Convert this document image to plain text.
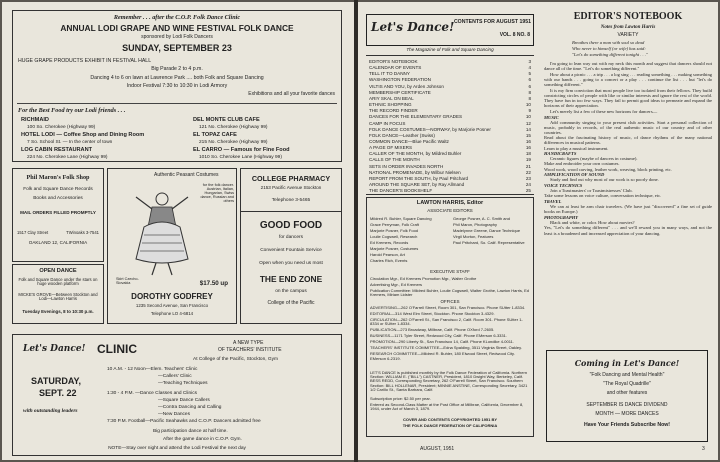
Remember . . . after the C.O.P. Folk Dance Clinic
ANNUAL LODI GRAPE AND WINE FESTIVAL FOLK DANCE
sponsored by Lodi Folk Dancers
SUNDAY, SEPTEMBER 23
HUGE GRAPE PRODUCTS EXHIBIT IN FESTIVAL HALL
Big Parade 2 to 4 p.m.
Dancing 4 to 6 on lawn at Lawrence Park .... both Folk and Square Dancing
Indoor Festival 7:30 to 10:30 in Lodi Armory
Exhibitions and all your favorite dances
For the Best Food try our Lodi friends . . .
RICHMAID
100 So. Cherokee (Highway 99)
HOTEL LODI — Coffee Shop and Dining Room
7 So. School St. — In the center of town
LOG CABIN RESTAURANT
224 No. Cherokee Lane (Highway 99)
DEL MONTE CLUB CAFE
121 No. Cherokee (Highway 99)
EL TOPAZ CAFE
215 No. Cherokee (Highway 99)
EL CARRO — Famous for Fine Food
1010 So. Cherokee Lane (Highway 99)
Phil Maron's Folk Shop
Folk and Square Dance Records
Books and Accessories
MAIL ORDERS FILLED PROMPTLY
1517 Clay Street	TWinoaks 3-7541
OAKLAND 12, CALIFORNIA
OPEN DANCE
Folk and Square Dance under the stars on huge wooden platform
MICKE'S GROVE—Between Stockton and Lodi—Lawton Harris
Tuesday Evenings, 8 to 10:30 p.m.
Authentic Peasant Costumes
for the folk dancer. Austrian, Italian, Hungarian, Swiss dance, Russian and others
Skirt Czecho-Slovakia	$17.50 up
DOROTHY GODFREY
1235 Second Avenue, San Francisco
Telephone LO 4-6814
COLLEGE PHARMACY
2153 Pacific Avenue Stockton
Telephone 3-5465
GOOD FOOD
for dancers
Convenient Fountain Service
Open when you need us most
THE END ZONE
on the campus
College of the Pacific
Let's Dance! CLINIC	A NEW TYPE
OF TEACHERS' INSTITUTE
At College of the Pacific, Stockton, Gym
SATURDAY,
SEPT. 22
with outstanding leaders
10 A.M. - 12 Noon—Elem. Teachers' Clinic
—Callers' Clinic
—Teaching Techniques
1:30 - 4 P.M. —Dance Classes and Clinics
—Square Dance Callers
—Contra Dancing and Calling
—New Dances
7:30 P.M. Football—Pacific Seahawks and C.O.P. Dancers admitted free
Big participation dance at half time.
After the game dance in C.O.P. Gym.
NOTE—Stay over night and attend the Lodi Festival the next day
Let's Dance! CONTENTS FOR AUGUST 1951
VOL. 8 NO. 8
The Magazine of Folk and Square Dancing
EDITOR'S NOTEBOOK	3
CALENDAR OF EVENTS	4
TELL IT TO DANNY	5
WASHINGTON FEDERATION	6
VILTIS AND YOU, by Arden Johnson	6
MEMBERSHIP CERTIFICATE	8
ARIY SKAL ON BEAL	8
ETHNIC SHOPPING	10
THE RECORD FINDER	9
DANCES FOR THE ELEMENTARY GRADES	10
CAMP IN FOCUS	12
FOLK DANCE COSTUMES—NORWAY, by Marjorie Posner	14
FOLK DANCE—Leather (Swiss)	15
COMMON DANCE—Blue Pacific Waltz	16
A PAGE OF MIXERS	16
CALLER OF THE MONTH, by Mildred Buhler	18
CALLS OF THE MONTH	19
SETS IN ORDER INVADES NORTH	21
NATIONAL PROMENADE, by Wilbur Nielsen	22
REPORT FROM THE SOUTH, by Paul Pritchard	23
AROUND THE SQUARE SET, by Ray Allmand	24
THE DANCER'S BOOKSHELF	25
LAWTON HARRIS, Editor
ASSOCIATE EDITORS
Mildred R. Buhler, Square Dancing
Grace Perryman, Folk Craft
Marjorie Posner, Folk Food
Loulie Cogswell, Research
Ed Kremers, Records
Marjorie Posner, Costumes
Harold Pearson, Art
Charles Rich, Events
George Posner, A. C. Smith and
Phil Maron, Photography
Madelynne Greene, Dance Technique
Virgil Morton, Features
Paul Pritchard, So. Calif. Representative
EXECUTIVE STAFF
Circulation Mgr., Ed Kremers Promotion Mgr., Walter Grothe
Advertising Mgr., Ed Kremers
Publication Committee: Mildred Buhler, Loulie Cogswell, Walter Grothe, Lawton Harris, Ed Kremers, Miriam Lidster
OFFICES
ADVERTISING—262 O'Farrell Street, Room 301, San Francisco. Phone SUtter 1-8334.
EDITORIAL—314 West Elm Street, Stockton. Phone Stockton 3-4329.
CIRCULATION—262 O'Farrell St., San Francisco 2, Calif. Room 301. Phone SUtter 1-8334 or SUtter 1-8334.
PUBLICATION—273 Broadway, Millbrae, Calif. Phone OXford 7-2605.
BUSINESS—1171 Tyler Street, Redwood City, Calif. Phone EMerson 6-3331.
PROMOTION—290 Liberty St., San Francisco 14, Calif. Phone KLondike 4-0011.
TEACHERS' INSTITUTE COMMITTEE—Edna Spalding, 3511 Virginia Street, Oakley.
RESEARCH COMMITTEE—Mildred R. Buhler, 180 Elwood Street, Redwood City. EMerson 6-2319.
LET'S DANCE is published monthly by the Folk Dance Federation of California. Northern Section: WILLIAM E. ("BILL") CASTNER, President, 1810 Dwight Way, Berkeley, Calif. BESS REDD, Corresponding Secretary, 262 O'Farrell Street, San Francisco. Southern Section: BILL HOLLENAR, President; MINNIE ANSTINE, Corresponding Secretary, 3421 1/2 Carillo St., Santa Barbara, Calif.
Subscription price: $2.50 per year.
Entered as Second-Class Matter at the Post Office at Millbrae, California, December 8, 1944, under Act of March 3, 1879.
COVER AND CONTENTS COPYRIGHTED 1951 BY
THE FOLK DANCE FEDERATION OF CALIFORNIA
AUGUST, 1951	3
EDITOR'S NOTEBOOK
Notes from Lawton Harris
VARIETY
Breathes there a man with soul so dead
Who never to himself (or wife) has said:
"Let's do something different tonight . . ."
I'm going to lean way out with my neck this month and suggest that dancers should not dance all of the time. "Let's do something different."
How about a picnic . . . a trip . . . a log sing . . . reading something . . . making something with our hands . . . going to a concert or a play . . . continue the list . . . but "let's do something different."
It is my firm conviction that most people live too isolated from their fellows. They build constricting circles of people with like or similar interests and ignore the rest of the world. They have fun in too few ways. They fail to permit good ideas to permeate and expand the horizons of their appreciation.
Let's merely list a few of these new horizons for dancers—
MUSIC
Add community singing to your present club activities. Start a personal collection of music, probably in records, of the real authentic music of our country and of other countries.
Read about the fascinating history of music, of dance rhythms of the many national differences in musical patterns.
Learn to play a musical instrument.
HANDICRAFTS
Ceramic figures (maybe of dancers in costume).
Make and embroider your own costumes.
Wood work, wood carving, leather work, weaving, block printing, etc.
AMPLIFICATION OF SOUND
Study and find out why most of our work is so poorly done.
VOICE TECHNICS
Join a Toastmasters' or Toastmistresses' Club.
Take some lessons on voice culture, conversation technique, etc.
TRAVEL
We can at least be arm chair travelers. (We have just "discovered" a fine set of guide books on Europe.)
PHOTOGRAPHY
Black and white, or color. How about movies?
Yes, "Let's do something different" . . . and we'll reward you in many ways, and not the least is a broadened and increased appreciation of your dancing.
Coming in Let's Dance!
"Folk Dancing and Mental Health"
"The Royal Quadrille"
and other features
SEPTEMBER IS DANCE DIVIDEND
MONTH — MORE DANCES
Have Your Friends Subscribe Now!
